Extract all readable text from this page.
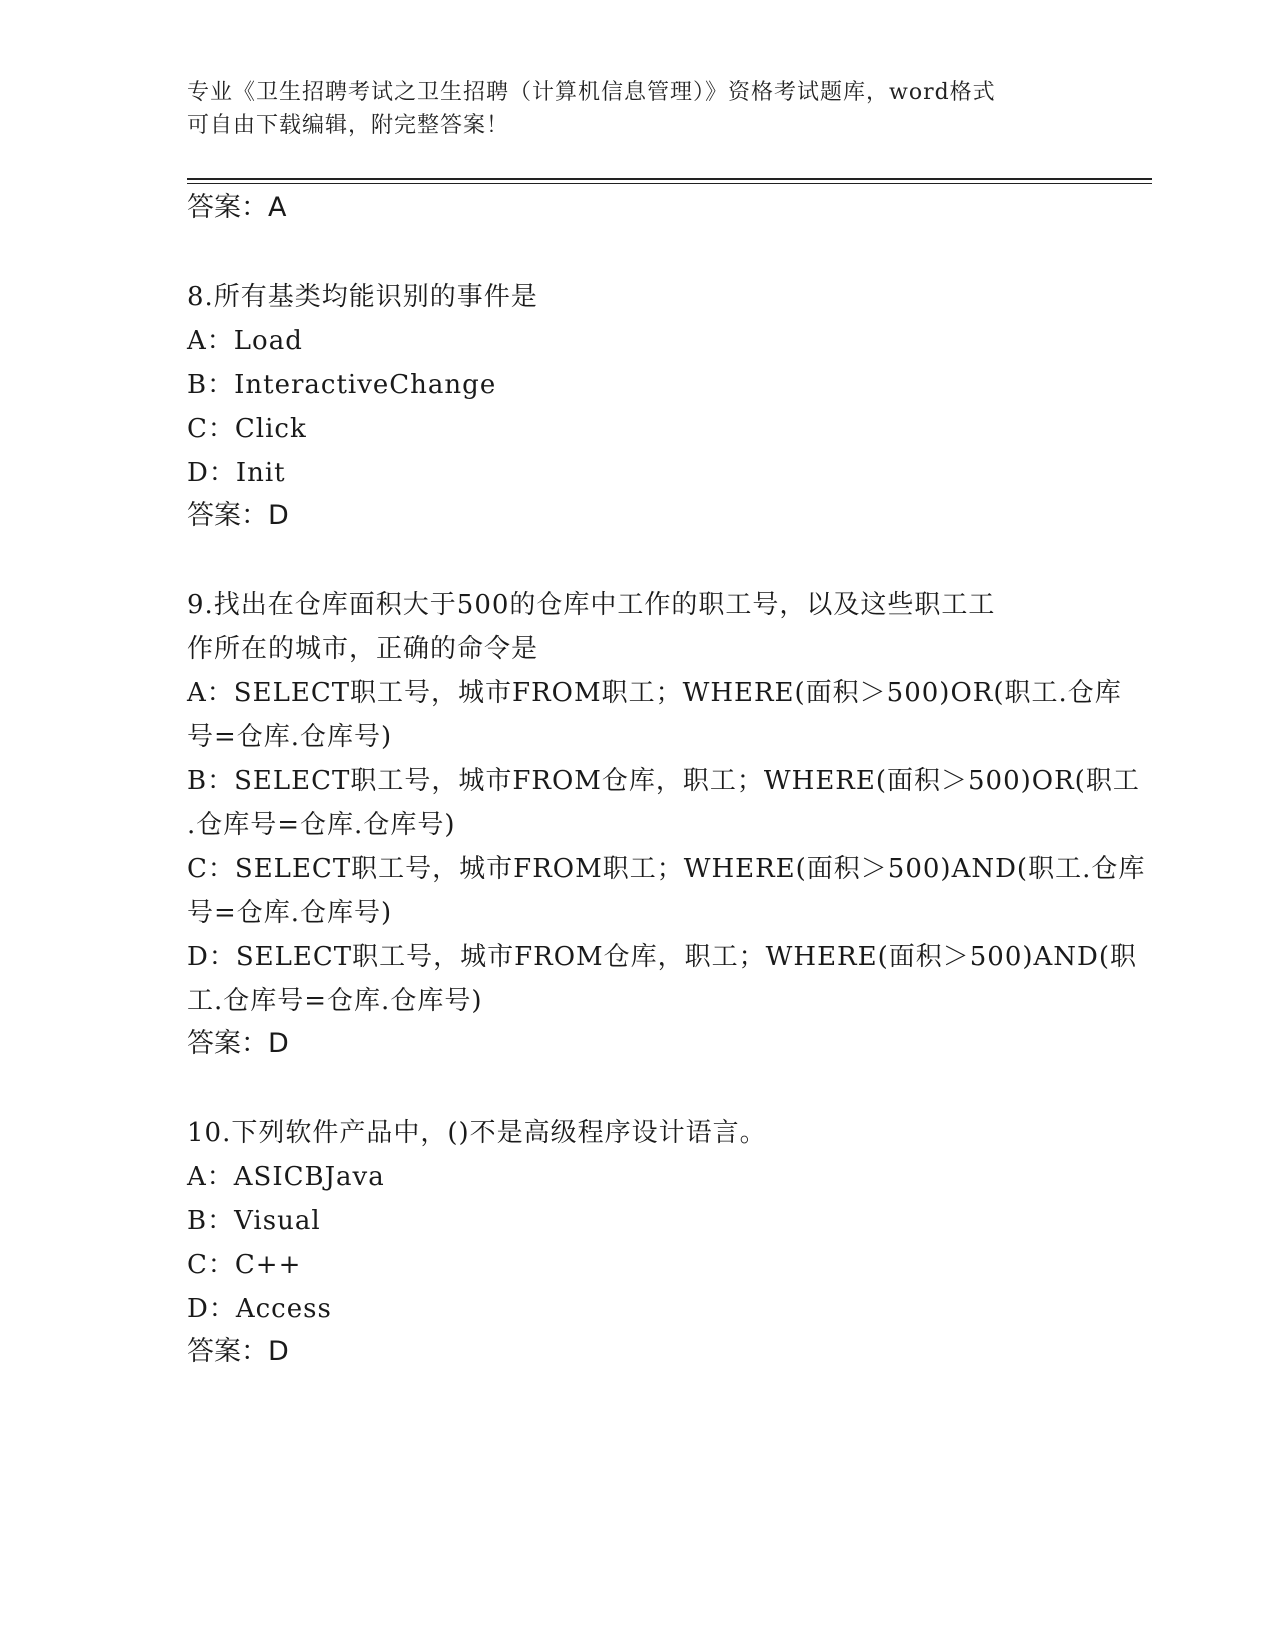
专业《卫生招聘考试之卫生招聘（计算机信息管理）》资格考试题库，word格式
可自由下载编辑，附完整答案！
答案：A
8.所有基类均能识别的事件是
A：Load
B：InteractiveChange
C：Click
D：Init
答案：D
9.找出在仓库面积大于500的仓库中工作的职工号，以及这些职工工
作所在的城市，正确的命令是
A：SELECT职工号，城市FROM职工；WHERE(面积＞500)OR(职工.仓库
号=仓库.仓库号)
B：SELECT职工号，城市FROM仓库，职工；WHERE(面积＞500)OR(职工
.仓库号=仓库.仓库号)
C：SELECT职工号，城市FROM职工；WHERE(面积＞500)AND(职工.仓库
号=仓库.仓库号)
D：SELECT职工号，城市FROM仓库，职工；WHERE(面积＞500)AND(职
工.仓库号=仓库.仓库号)
答案：D
10.下列软件产品中，()不是高级程序设计语言。
A：ASICBJava
B：Visual
C：C++
D：Access
答案：D
